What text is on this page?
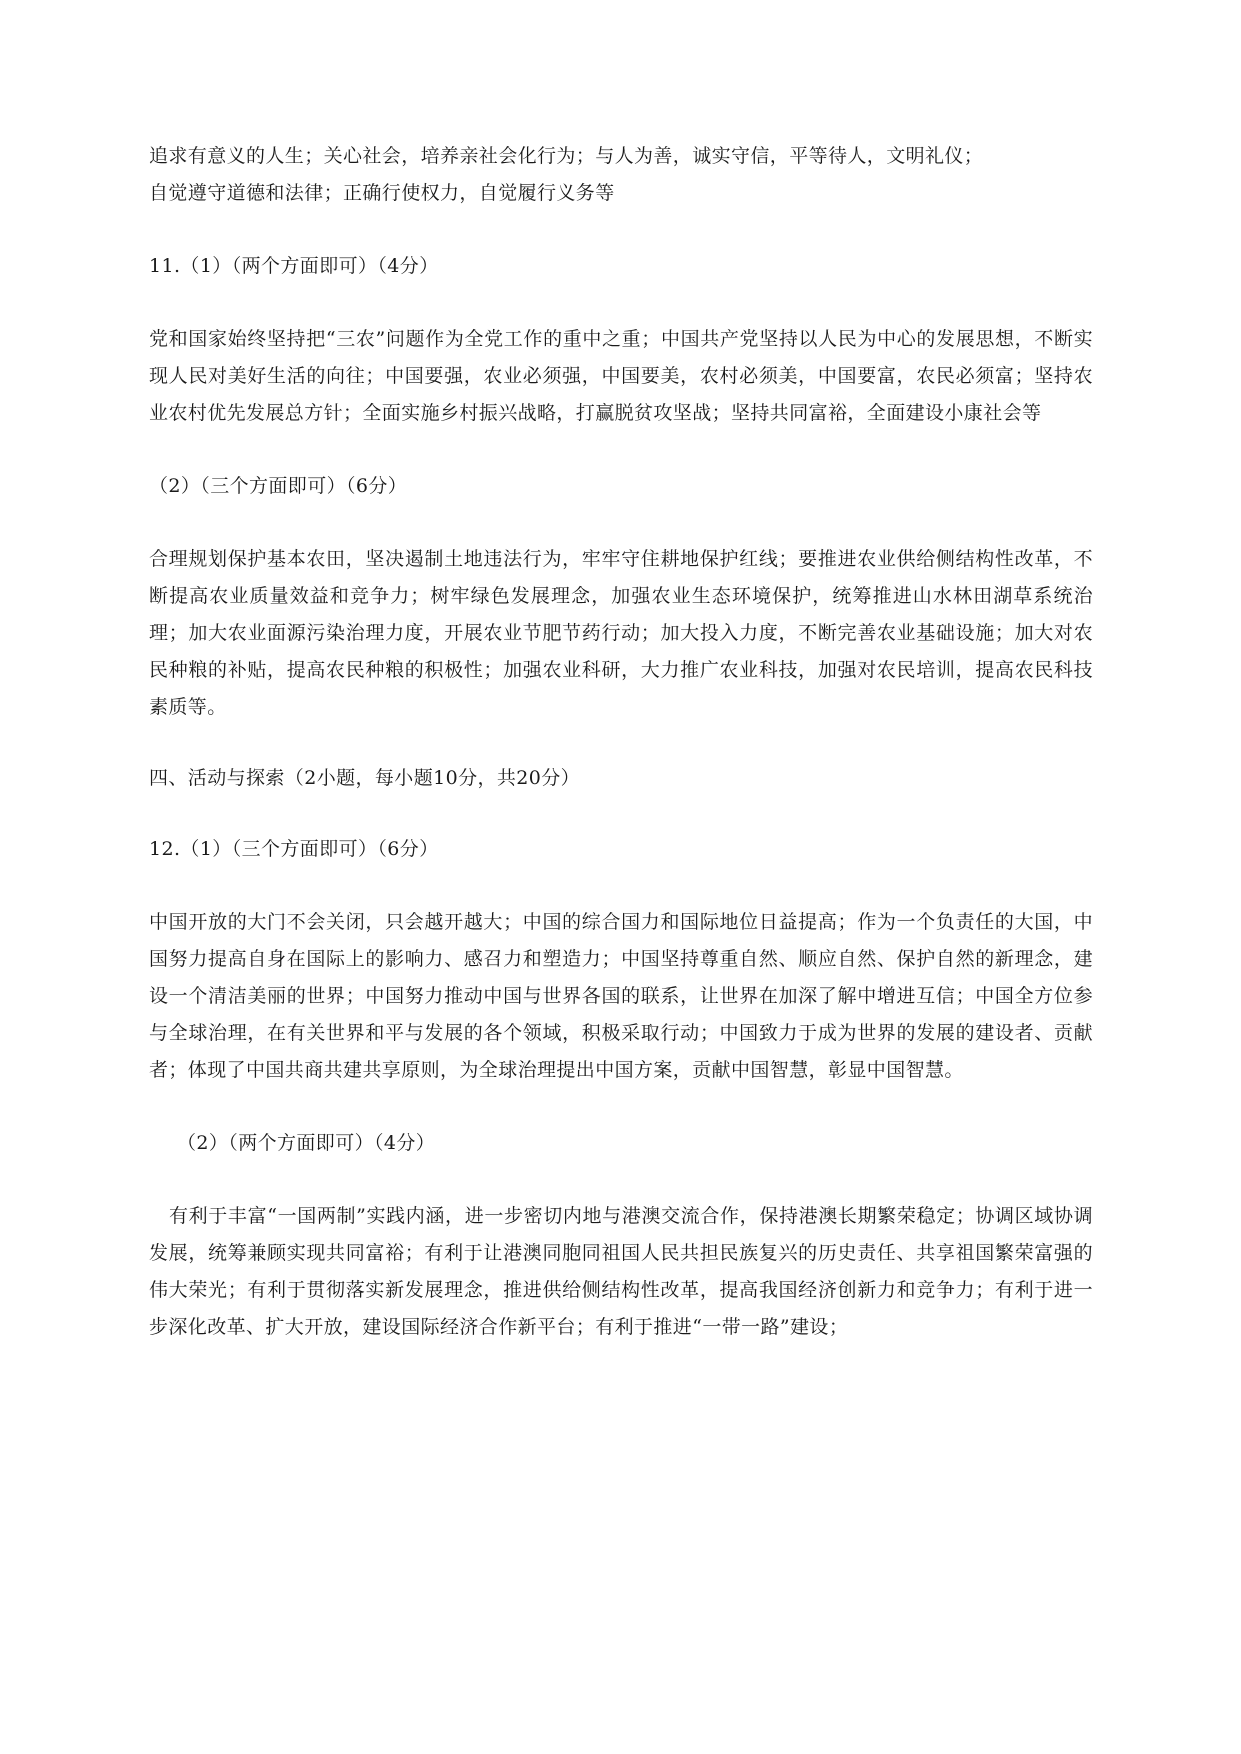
追求有意义的人生；关心社会，培养亲社会化行为；与人为善，诚实守信，平等待人，文明礼仪；

自觉遵守道德和法律；正确行使权力，自觉履行义务等

11.（1）（两个方面即可）（4分）

党和国家始终坚持把“三农”问题作为全党工作的重中之重；中国共产党坚持以人民为中心的发展思想，不断实现人民对美好生活的向往；中国要强，农业必须强，中国要美，农村必须美，中国要富，农民必须富；坚持农业农村优先发展总方针；全面实施乡村振兴战略，打赢脱贫攻坚战；坚持共同富裕，全面建设小康社会等

（2）（三个方面即可）（6分）

合理规划保护基本农田，坚决遏制土地违法行为，牢牢守住耕地保护红线；要推进农业供给侧结构性改革，不断提高农业质量效益和竞争力；树牢绿色发展理念，加强农业生态环境保护，统筹推进山水林田湖草系统治理；加大农业面源污染治理力度，开展农业节肥节药行动；加大投入力度，不断完善农业基础设施；加大对农民种粮的补贴，提高农民种粮的积极性；加强农业科研，大力推广农业科技，加强对农民培训，提高农民科技素质等。

四、活动与探索（2小题，每小题10分，共20分）

12.（1）（三个方面即可）（6分）

中国开放的大门不会关闭，只会越开越大；中国的综合国力和国际地位日益提高；作为一个负责任的大国，中国努力提高自身在国际上的影响力、感召力和塑造力；中国坚持尊重自然、顺应自然、保护自然的新理念，建设一个清洁美丽的世界；中国努力推动中国与世界各国的联系，让世界在加深了解中增进互信；中国全方位参与全球治理，在有关世界和平与发展的各个领域，积极采取行动；中国致力于成为世界的发展的建设者、贡献者；体现了中国共商共建共享原则，为全球治理提出中国方案，贡献中国智慧，彰显中国智慧。

（2）（两个方面即可）（4分）

有利于丰富“一国两制”实践内涵，进一步密切内地与港澳交流合作，保持港澳长期繁荣稳定；协调区域协调发展，统筹兼顾实现共同富裕；有利于让港澳同胞同祖国人民共担民族复兴的历史责任、共享祖国繁荣富强的伟大荣光；有利于贯彻落实新发展理念，推进供给侧结构性改革，提高我国经济创新力和竞争力；有利于进一步深化改革、扩大开放，建设国际经济合作新平台；有利于推进“一带一路”建设；
